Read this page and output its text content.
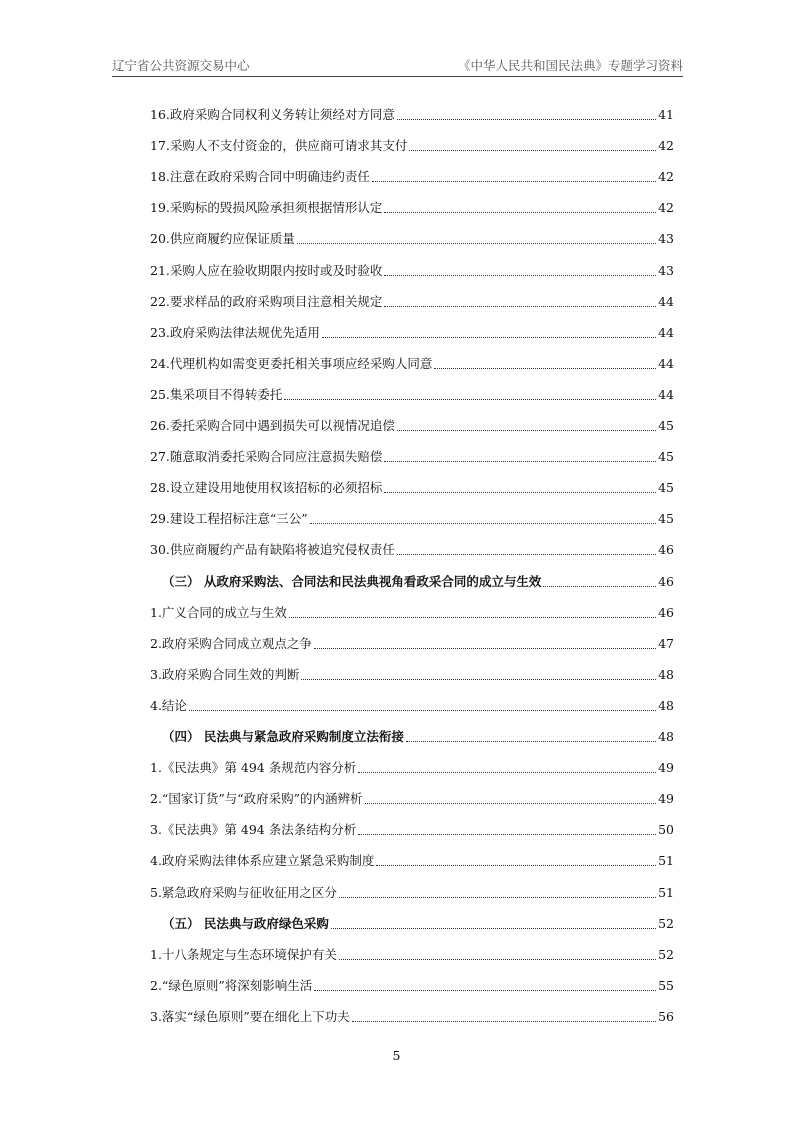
辽宁省公共资源交易中心	《中华人民共和国民法典》专题学习资料
16.政府采购合同权利义务转让须经对方同意	41
17.采购人不支付资金的，供应商可请求其支付	42
18.注意在政府采购合同中明确违约责任	42
19.采购标的毁损风险承担须根据情形认定	42
20.供应商履约应保证质量	43
21.采购人应在验收期限内按时或及时验收	43
22.要求样品的政府采购项目注意相关规定	44
23.政府采购法律法规优先适用	44
24.代理机构如需变更委托相关事项应经采购人同意	44
25.集采项目不得转委托	44
26.委托采购合同中遇到损失可以视情况追偿	45
27.随意取消委托采购合同应注意损失赔偿	45
28.设立建设用地使用权该招标的必须招标	45
29.建设工程招标注意“三公”	45
30.供应商履约产品有缺陷将被追究侵权责任	46
（三） 从政府采购法、合同法和民法典视角看政采合同的成立与生效	46
1.广义合同的成立与生效	46
2.政府采购合同成立观点之争	47
3.政府采购合同生效的判断	48
4.结论	48
（四） 民法典与紧急政府采购制度立法衔接	48
1.《民法典》第 494 条规范内容分析	49
2.“国家订货”与“政府采购”的内涵辨析	49
3.《民法典》第 494 条法条结构分析	50
4.政府采购法律体系应建立紧急采购制度	51
5.紧急政府采购与征收征用之区分	51
（五） 民法典与政府绿色采购	52
1.十八条规定与生态环境保护有关	52
2.“绿色原则”将深刻影响生活	55
3.落实“绿色原则”要在细化上下功夫	56
5
